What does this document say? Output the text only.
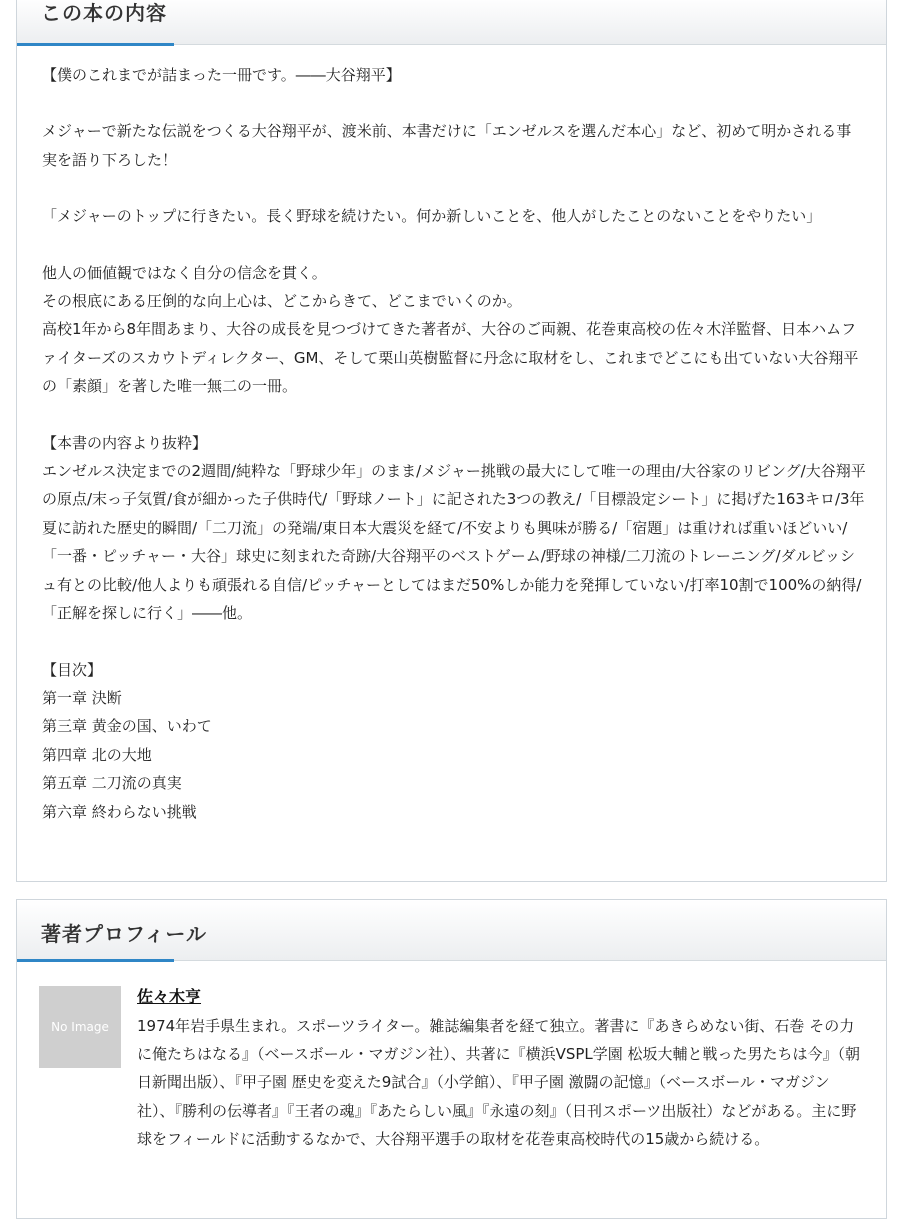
この本の内容

【僕のこれまでが詰まった一冊です。――大谷翔平】

メジャーで新たな伝説をつくる大谷翔平が、渡米前、本書だけに「エンゼルスを選んだ本心」など、初めて明かされる事実を語り下ろした！

「メジャーのトップに行きたい。長く野球を続けたい。何か新しいことを、他人がしたことのないことをやりたい」

他人の価値観ではなく自分の信念を貫く。

その根底にある圧倒的な向上心は、どこからきて、どこまでいくのか。

高校1年から8年間あまり、大谷の成長を見つづけてきた著者が、大谷のご両親、花巻東高校の佐々木洋監督、日本ハムファイターズのスカウトディレクター、GM、そして栗山英樹監督に丹念に取材をし、これまでどこにも出ていない大谷翔平の「素顔」を著した唯一無二の一冊。

【本書の内容より抜粋】

エンゼルス決定までの2週間/純粋な「野球少年」のまま/メジャー挑戦の最大にして唯一の理由/大谷家のリビング/大谷翔平の原点/末っ子気質/食が細かった子供時代/「野球ノート」に記された3つの教え/「目標設定シート」に掲げた163キロ/3年夏に訪れた歴史的瞬間/「二刀流」の発端/東日本大震災を経て/不安よりも興味が勝る/「宿題」は重ければ重いほどいい/「一番・ピッチャー・大谷」球史に刻まれた奇跡/大谷翔平のベストゲーム/野球の神様/二刀流のトレーニング/ダルビッシュ有との比較/他人よりも頑張れる自信/ピッチャーとしてはまだ50%しか能力を発揮していない/打率10割で100%の納得/「正解を探しに行く」――他。

【目次】

第一章 決断
第三章 黄金の国、いわて
第四章 北の大地
第五章 二刀流の真実
第六章 終わらない挑戦
著者プロフィール
No Image
佐々木亨
1974年岩手県生まれ。スポーツライター。雑誌編集者を経て独立。著書に『あきらめない街、石巻 その力に俺たちはなる』（ベースボール・マガジン社）、共著に『横浜VSPL学園 松坂大輔と戦った男たちは今』（朝日新聞出版）、『甲子園 歴史を変えた9試合』（小学館）、『甲子園 激闘の記憶』（ベースボール・マガジン社）、『勝利の伝導者』『王者の魂』『あたらしい風』『永遠の刻』（日刊スポーツ出版社）などがある。主に野球をフィールドに活動するなかで、大谷翔平選手の取材を花巻東高校時代の15歳から続ける。
